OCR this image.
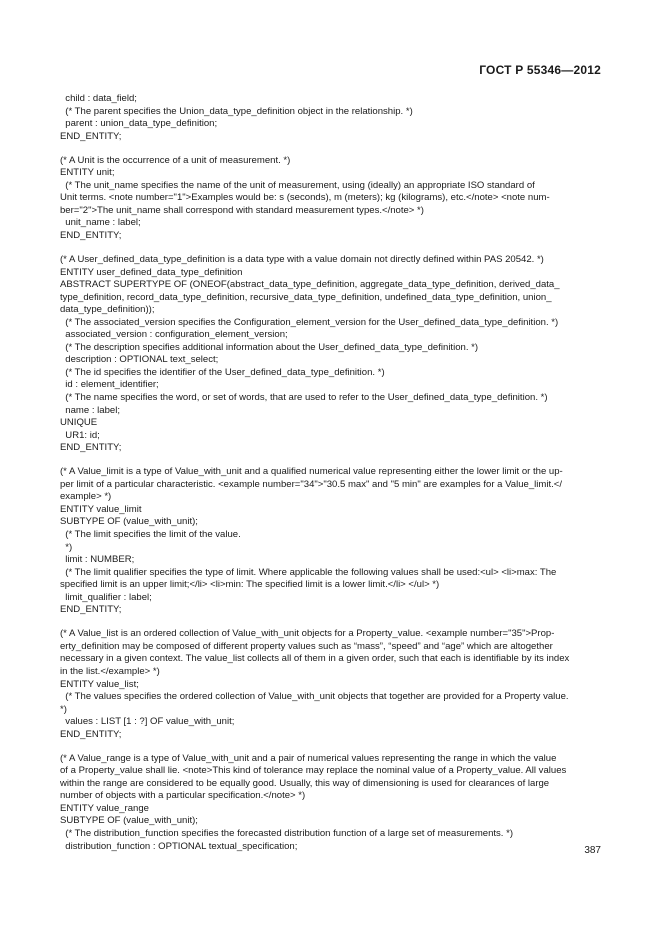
ГОСТ Р 55346—2012
child : data_field;
(* The parent specifies the Union_data_type_definition object in the relationship. *)
parent : union_data_type_definition;
END_ENTITY;
(* A Unit is the occurrence of a unit of measurement. *)
ENTITY unit;
(* The unit_name specifies the name of the unit of measurement, using (ideally) an appropriate ISO standard of
Unit terms. <note number="1">Examples would be: s (seconds), m (meters); kg (kilograms), etc.</note> <note num-
ber="2">The unit_name shall correspond with standard measurement types.</note> *)
unit_name : label;
END_ENTITY;
(* A User_defined_data_type_definition is a data type with a value domain not directly defined within PAS 20542. *)
ENTITY user_defined_data_type_definition
ABSTRACT SUPERTYPE OF (ONEOF(abstract_data_type_definition, aggregate_data_type_definition, derived_data_
type_definition, record_data_type_definition, recursive_data_type_definition, undefined_data_type_definition, union_
data_type_definition));
(* The associated_version specifies the Configuration_element_version for the User_defined_data_type_definition. *)
associated_version : configuration_element_version;
(* The description specifies additional information about the User_defined_data_type_definition. *)
description : OPTIONAL text_select;
(* The id specifies the identifier of the User_defined_data_type_definition. *)
id : element_identifier;
(* The name specifies the word, or set of words, that are used to refer to the User_defined_data_type_definition. *)
name : label;
UNIQUE
UR1: id;
END_ENTITY;
(* A Value_limit is a type of Value_with_unit and a qualified numerical value representing either the lower limit or the up-
per limit of a particular characteristic. <example number="34">"30.5 max" and "5 min" are examples for a Value_limit.</
example> *)
ENTITY value_limit
SUBTYPE OF (value_with_unit);
(* The limit specifies the limit of the value.
*)
limit : NUMBER;
(* The limit qualifier specifies the type of limit. Where applicable the following values shall be used:<ul> <li>max: The
specified limit is an upper limit;</li> <li>min: The specified limit is a lower limit.</li> </ul> *)
limit_qualifier : label;
END_ENTITY;
(* A Value_list is an ordered collection of Value_with_unit objects for a Property_value. <example number="35">Prop-
erty_definition may be composed of different property values such as “mass”, “speed” and “age” which are altogether
necessary in a given context. The value_list collects all of them in a given order, such that each is identifiable by its index
in the list.</example> *)
ENTITY value_list;
(* The values specifies the ordered collection of Value_with_unit objects that together are provided for a Property value.
*)
values : LIST [1 : ?] OF value_with_unit;
END_ENTITY;
(* A Value_range is a type of Value_with_unit and a pair of numerical values representing the range in which the value
of a Property_value shall lie. <note>This kind of tolerance may replace the nominal value of a Property_value. All values
within the range are considered to be equally good. Usually, this way of dimensioning is used for clearances of large
number of objects with a particular specification.</note> *)
ENTITY value_range
SUBTYPE OF (value_with_unit);
(* The distribution_function specifies the forecasted distribution function of a large set of measurements. *)
distribution_function : OPTIONAL textual_specification;	387
